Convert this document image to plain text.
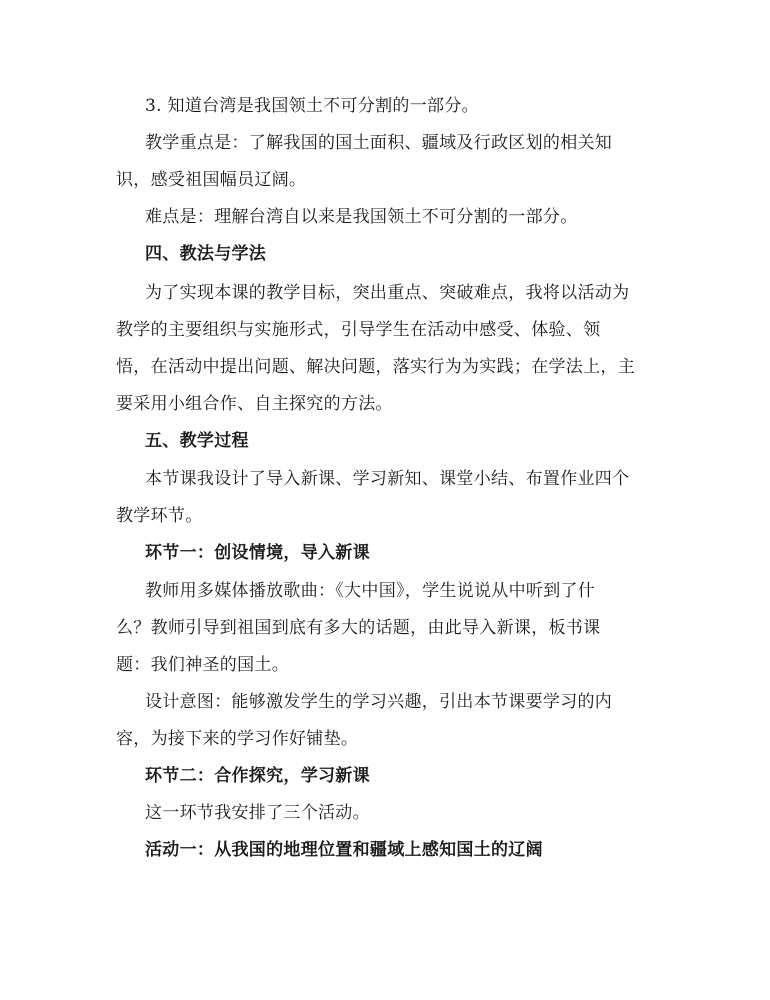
3. 知道台湾是我国领土不可分割的一部分。
教学重点是：了解我国的国土面积、疆域及行政区划的相关知
识，感受祖国幅员辽阔。
难点是：理解台湾自以来是我国领土不可分割的一部分。
四、教法与学法
为了实现本课的教学目标，突出重点、突破难点，我将以活动为
教学的主要组织与实施形式，引导学生在活动中感受、体验、领
悟，在活动中提出问题、解决问题，落实行为为实践；在学法上，主
要采用小组合作、自主探究的方法。
五、教学过程
本节课我设计了导入新课、学习新知、课堂小结、布置作业四个
教学环节。
环节一：创设情境，导入新课
教师用多媒体播放歌曲：《大中国》，学生说说从中听到了什
么？教师引导到祖国到底有多大的话题，由此导入新课，板书课
题：我们神圣的国土。
设计意图：能够激发学生的学习兴趣，引出本节课要学习的内
容，为接下来的学习作好铺垫。
环节二：合作探究，学习新课
这一环节我安排了三个活动。
活动一：从我国的地理位置和疆域上感知国土的辽阔
